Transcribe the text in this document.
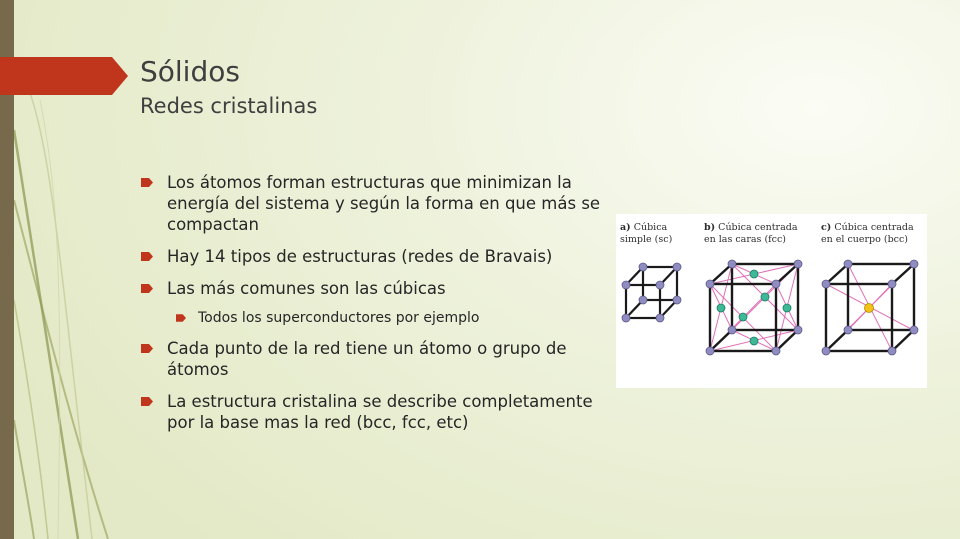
Sólidos
Redes cristalinas
Los átomos forman estructuras que minimizan la energía del sistema y según la forma en que más se compactan
Hay 14 tipos de estructuras (redes de Bravais)
Las más comunes son las cúbicas
Todos los superconductores por ejemplo
Cada punto de la red tiene un átomo o grupo de átomos
La estructura cristalina se describe completamente por la base mas la red (bcc, fcc, etc)
a) Cúbica
simple (sc)
b) Cúbica centrada
en las caras (fcc)
c) Cúbica centrada
en el cuerpo (bcc)
